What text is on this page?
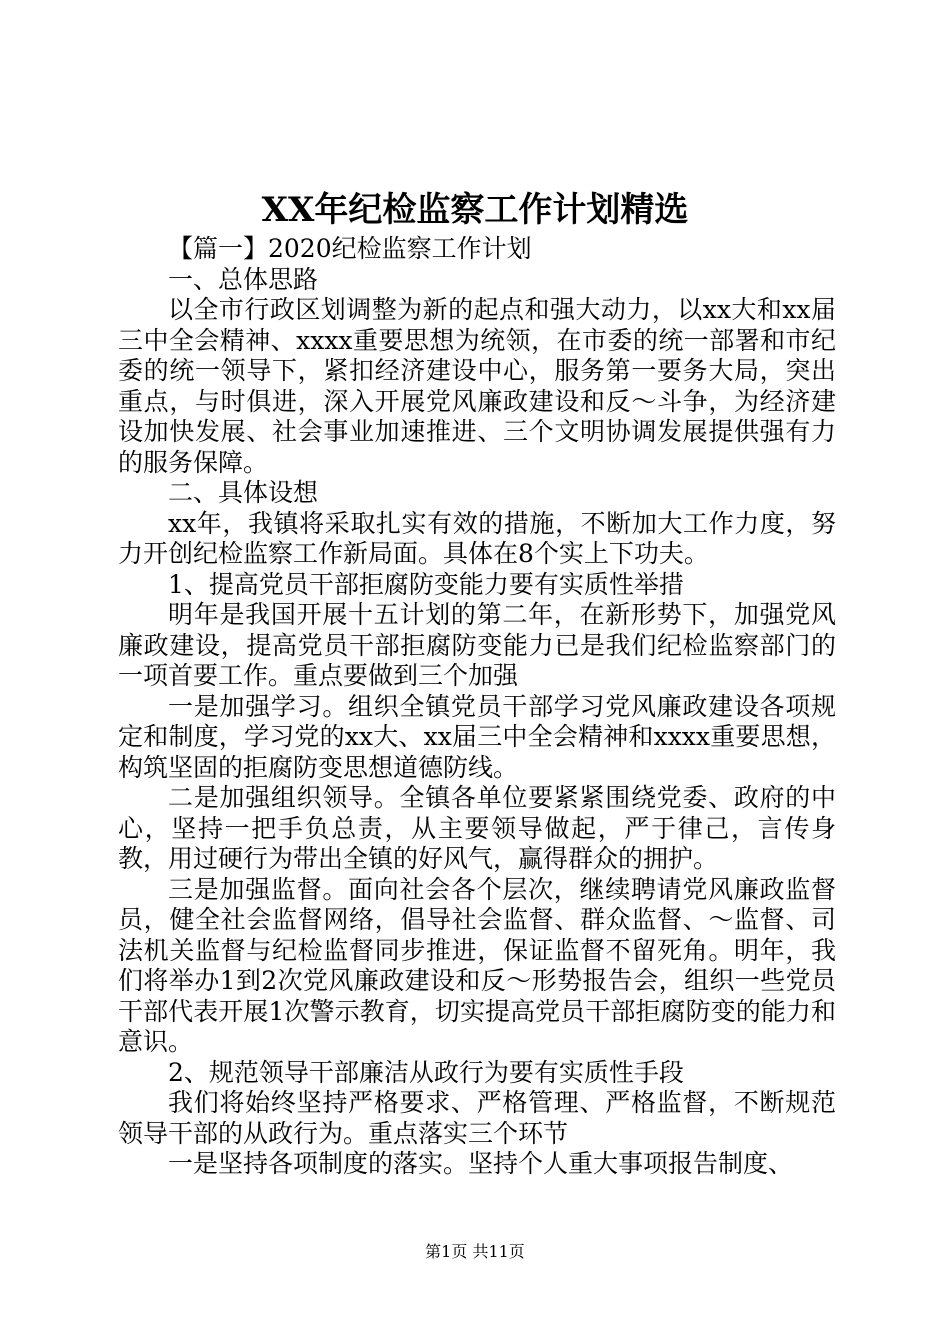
XX年纪检监察工作计划精选

【篇一】2020纪检监察工作计划

一、总体思路

以全市行政区划调整为新的起点和强大动力，以xx大和xx届三中全会精神、xxxx重要思想为统领，在市委的统一部署和市纪委的统一领导下，紧扣经济建设中心，服务第一要务大局，突出重点，与时俱进，深入开展党风廉政建设和反～斗争，为经济建设加快发展、社会事业加速推进、三个文明协调发展提供强有力的服务保障。

二、具体设想

xx年，我镇将采取扎实有效的措施，不断加大工作力度，努力开创纪检监察工作新局面。具体在8个实上下功夫。

1、提高党员干部拒腐防变能力要有实质性举措

明年是我国开展十五计划的第二年，在新形势下，加强党风廉政建设，提高党员干部拒腐防变能力已是我们纪检监察部门的一项首要工作。重点要做到三个加强

一是加强学习。组织全镇党员干部学习党风廉政建设各项规定和制度，学习党的xx大、xx届三中全会精神和xxxx重要思想，构筑坚固的拒腐防变思想道德防线。

二是加强组织领导。全镇各单位要紧紧围绕党委、政府的中心，坚持一把手负总责，从主要领导做起，严于律己，言传身教，用过硬行为带出全镇的好风气，赢得群众的拥护。

三是加强监督。面向社会各个层次，继续聘请党风廉政监督员，健全社会监督网络，倡导社会监督、群众监督、～监督、司法机关监督与纪检监督同步推进，保证监督不留死角。明年，我们将举办1到2次党风廉政建设和反～形势报告会，组织一些党员干部代表开展1次警示教育，切实提高党员干部拒腐防变的能力和意识。

2、规范领导干部廉洁从政行为要有实质性手段

我们将始终坚持严格要求、严格管理、严格监督，不断规范领导干部的从政行为。重点落实三个环节

一是坚持各项制度的落实。坚持个人重大事项报告制度、

第1页 共11页
